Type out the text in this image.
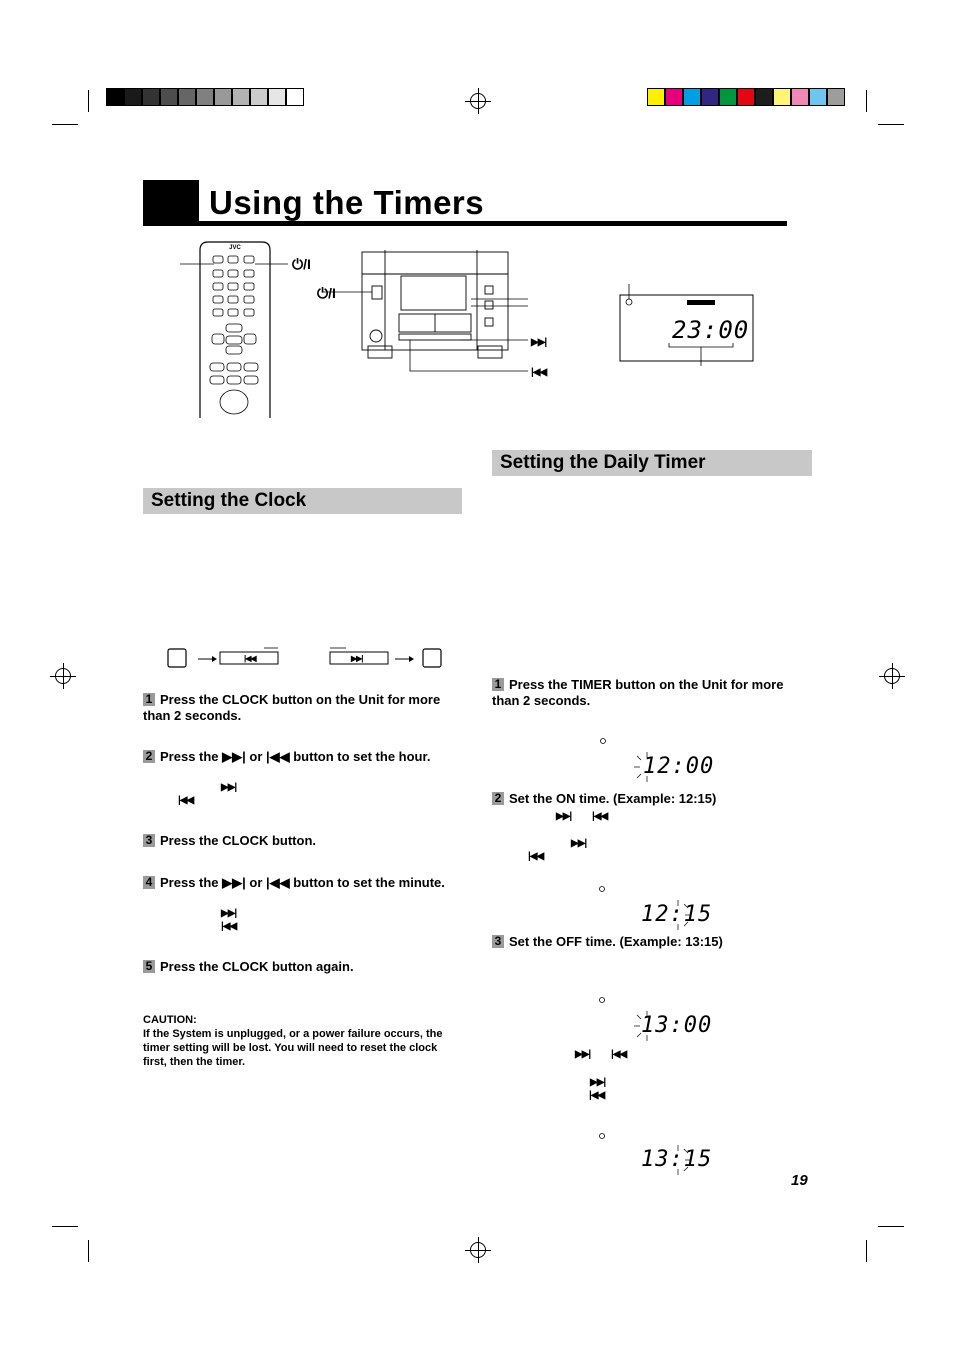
Using the Timers
JVC
⏻/I
⏻/I
▶▶|
|◀◀
23:00
Setting the Clock
Setting the Daily Timer
|◀◀	▶▶|
1 Press the CLOCK button on the Unit for more than 2 seconds.
2 Press the ▶▶| or |◀◀ button to set the hour.
▶▶|
|◀◀
3 Press the CLOCK button.
4 Press the ▶▶| or |◀◀ button to set the minute.
▶▶|
|◀◀
5 Press the CLOCK button again.
CAUTION:
If the System is unplugged, or a power failure occurs, the timer setting will be lost. You will need to reset the clock first, then the timer.
1 Press the TIMER button on the Unit for more than 2 seconds.
2 Set the ON time. (Example: 12:15)
3 Set the OFF time. (Example: 13:15)
▶▶| |◀◀
▶▶|
|◀◀
▶▶| |◀◀
▶▶|
|◀◀
12:00
12:15
13:00
13:15
19
